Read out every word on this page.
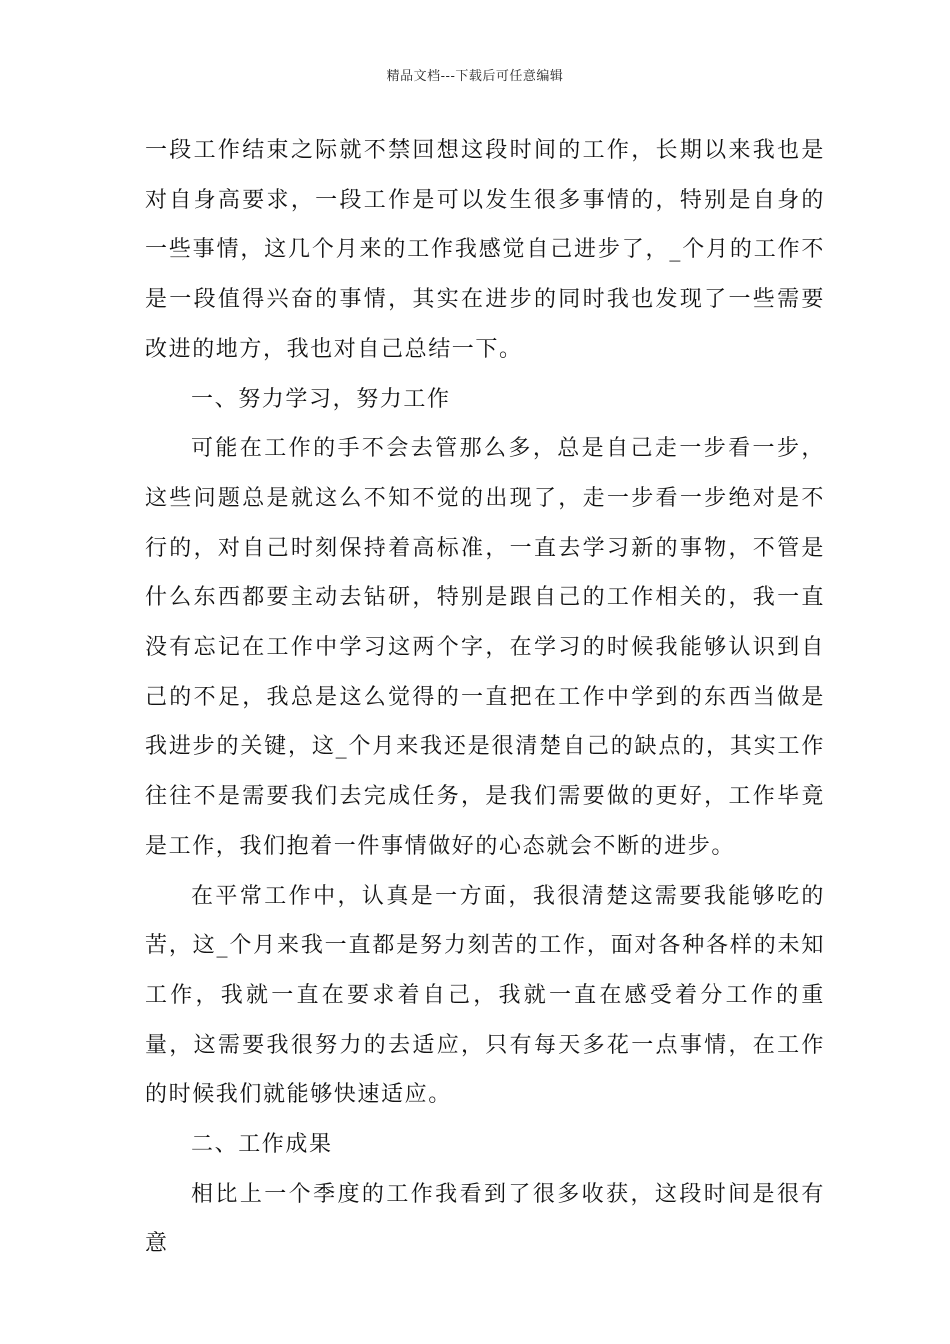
精品文档---下载后可任意编辑

一段工作结束之际就不禁回想这段时间的工作，长期以来我也是对自身高要求，一段工作是可以发生很多事情的，特别是自身的一些事情，这几个月来的工作我感觉自己进步了，_个月的工作不是一段值得兴奋的事情，其实在进步的同时我也发现了一些需要改进的地方，我也对自己总结一下。

一、努力学习，努力工作

可能在工作的手不会去管那么多，总是自己走一步看一步，这些问题总是就这么不知不觉的出现了，走一步看一步绝对是不行的，对自己时刻保持着高标准，一直去学习新的事物，不管是什么东西都要主动去钻研，特别是跟自己的工作相关的，我一直没有忘记在工作中学习这两个字，在学习的时候我能够认识到自己的不足，我总是这么觉得的一直把在工作中学到的东西当做是我进步的关键，这_个月来我还是很清楚自己的缺点的，其实工作往往不是需要我们去完成任务，是我们需要做的更好，工作毕竟是工作，我们抱着一件事情做好的心态就会不断的进步。

在平常工作中，认真是一方面，我很清楚这需要我能够吃的苦，这_个月来我一直都是努力刻苦的工作，面对各种各样的未知工作，我就一直在要求着自己，我就一直在感受着分工作的重量，这需要我很努力的去适应，只有每天多花一点事情，在工作的时候我们就能够快速适应。

二、工作成果

相比上一个季度的工作我看到了很多收获，这段时间是很有意
